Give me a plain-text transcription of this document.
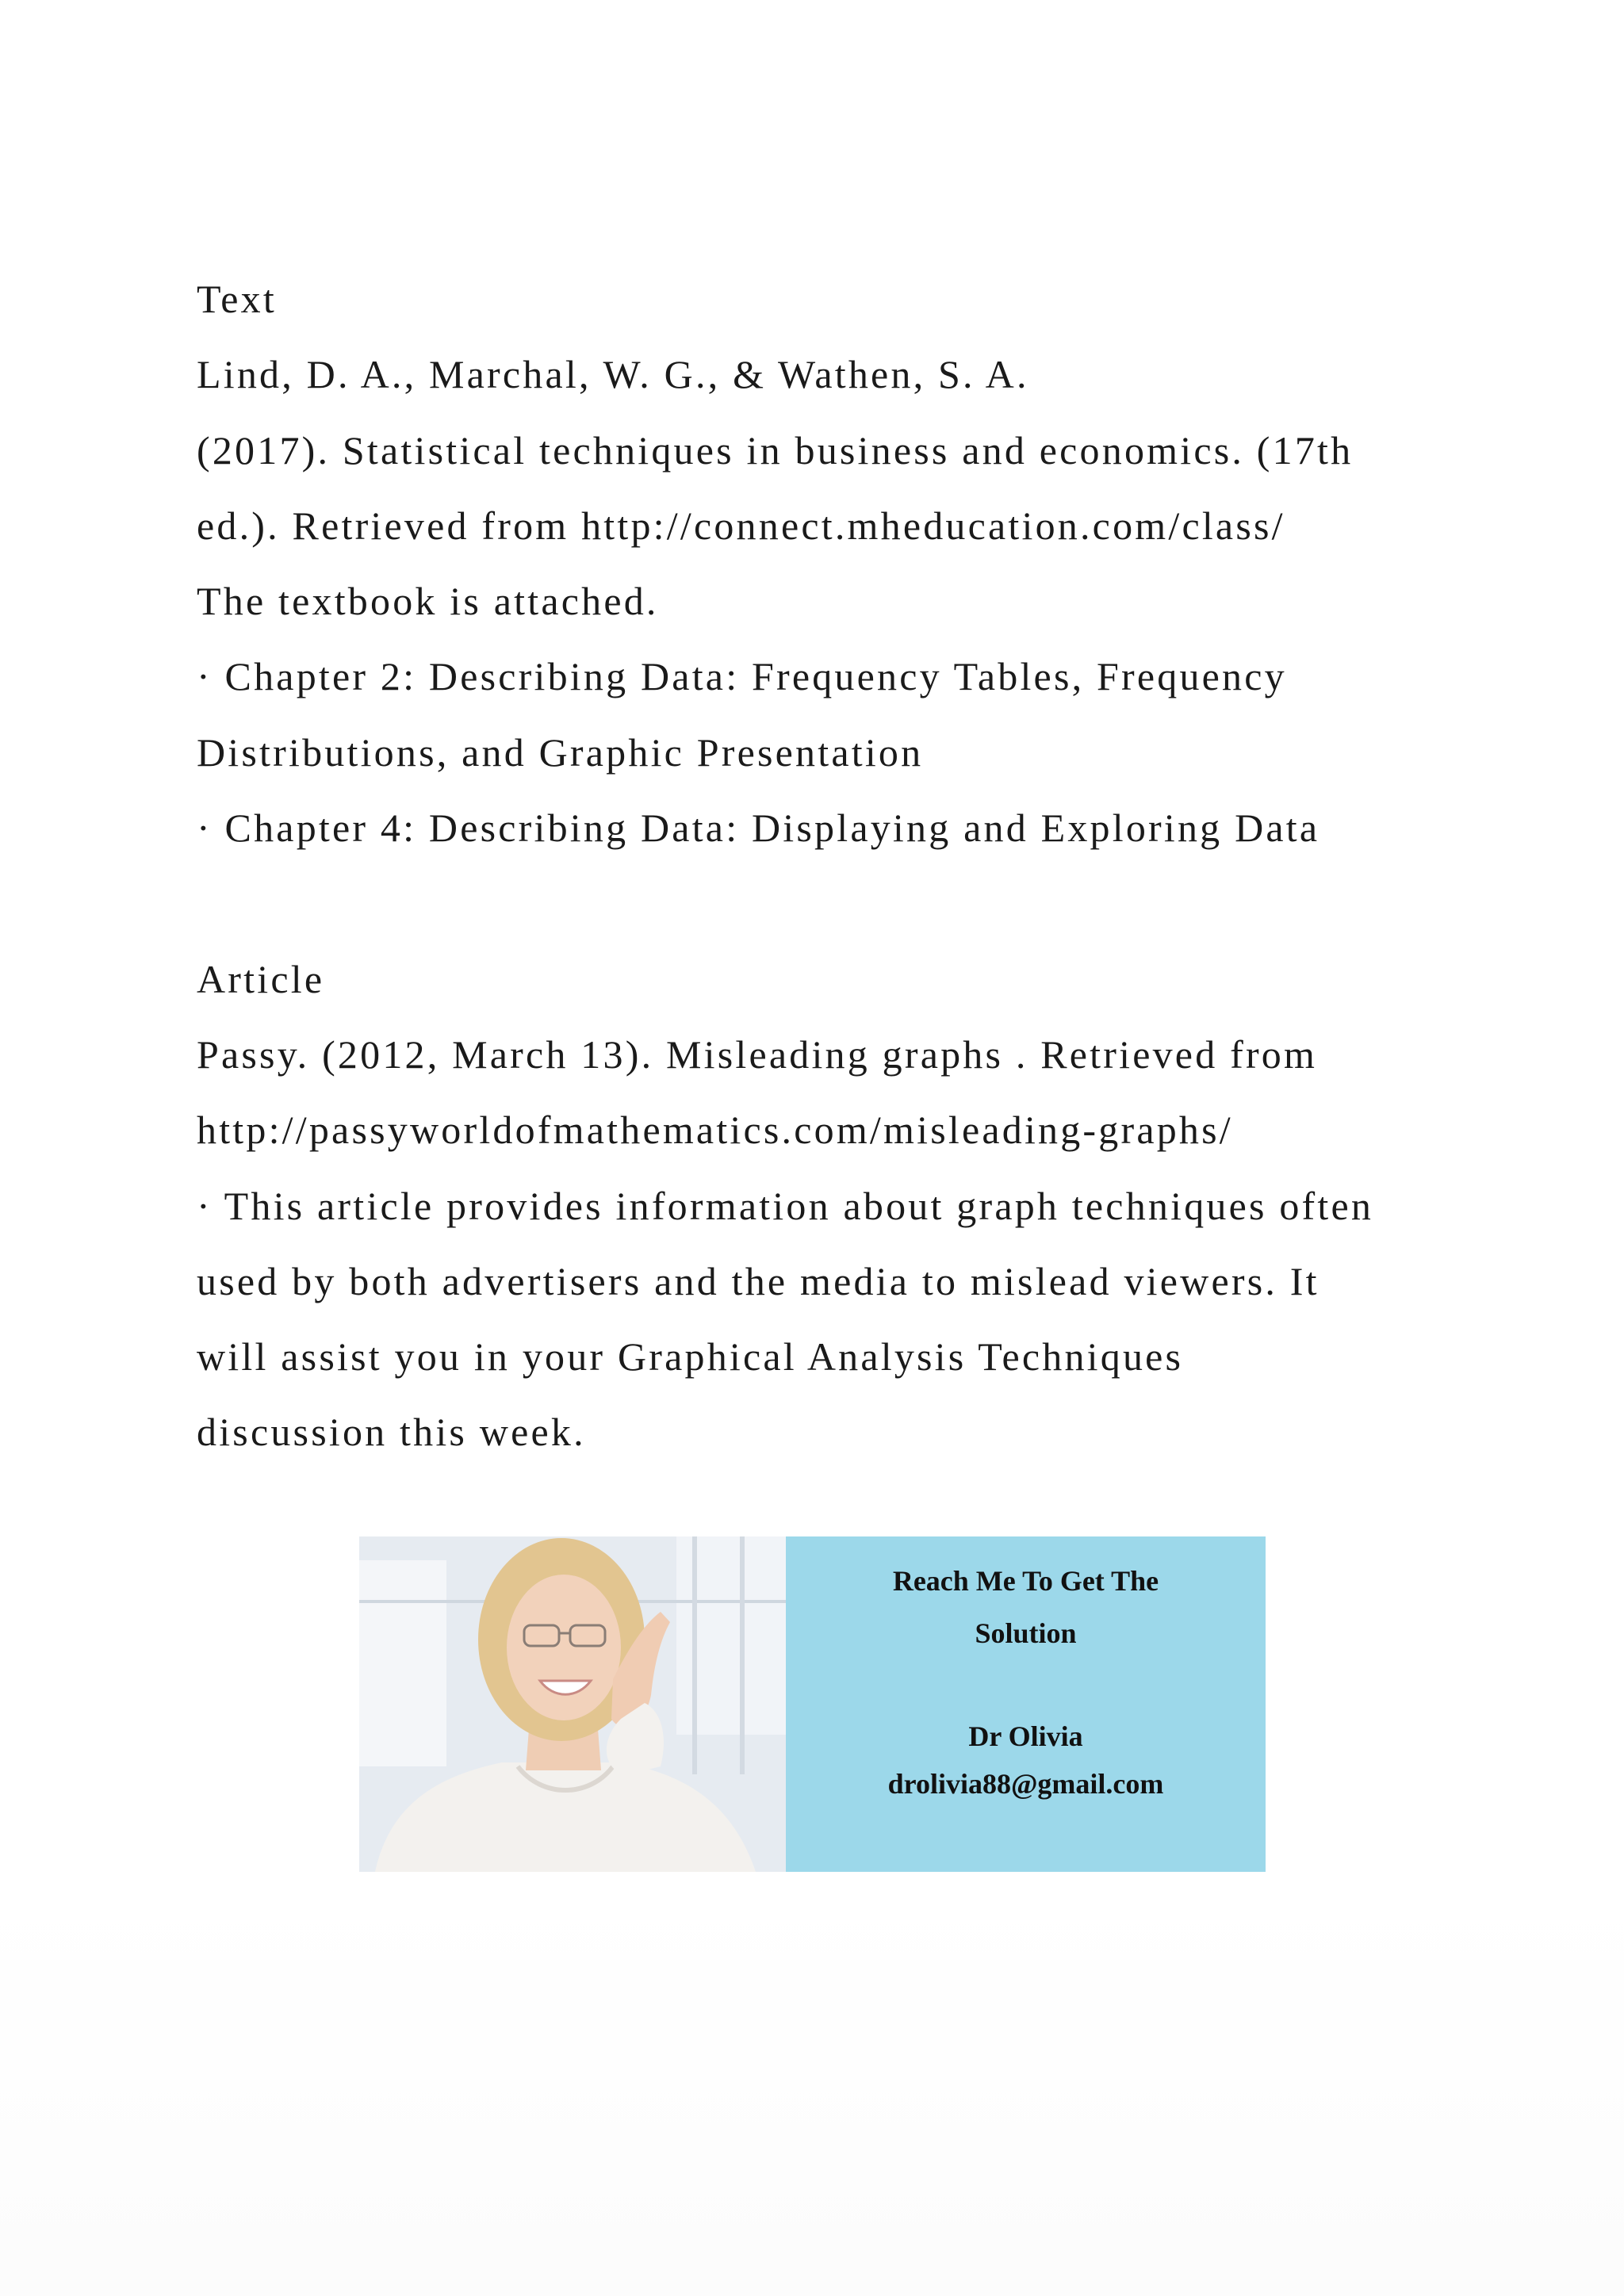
Text
Lind, D. A., Marchal, W. G., & Wathen, S. A.
(2017). Statistical techniques in business and economics. (17th
ed.). Retrieved from http://connect.mheducation.com/class/
The textbook is attached.
· Chapter 2: Describing Data: Frequency Tables, Frequency
Distributions, and Graphic Presentation
· Chapter 4: Describing Data: Displaying and Exploring Data
Article
Passy. (2012, March 13). Misleading graphs . Retrieved from
http://passyworldofmathematics.com/misleading-graphs/
· This article provides information about graph techniques often
used by both advertisers and the media to mislead viewers. It
will assist you in your Graphical Analysis Techniques
discussion this week.
Reach Me To Get The
Solution
Dr Olivia
drolivia88@gmail.com
